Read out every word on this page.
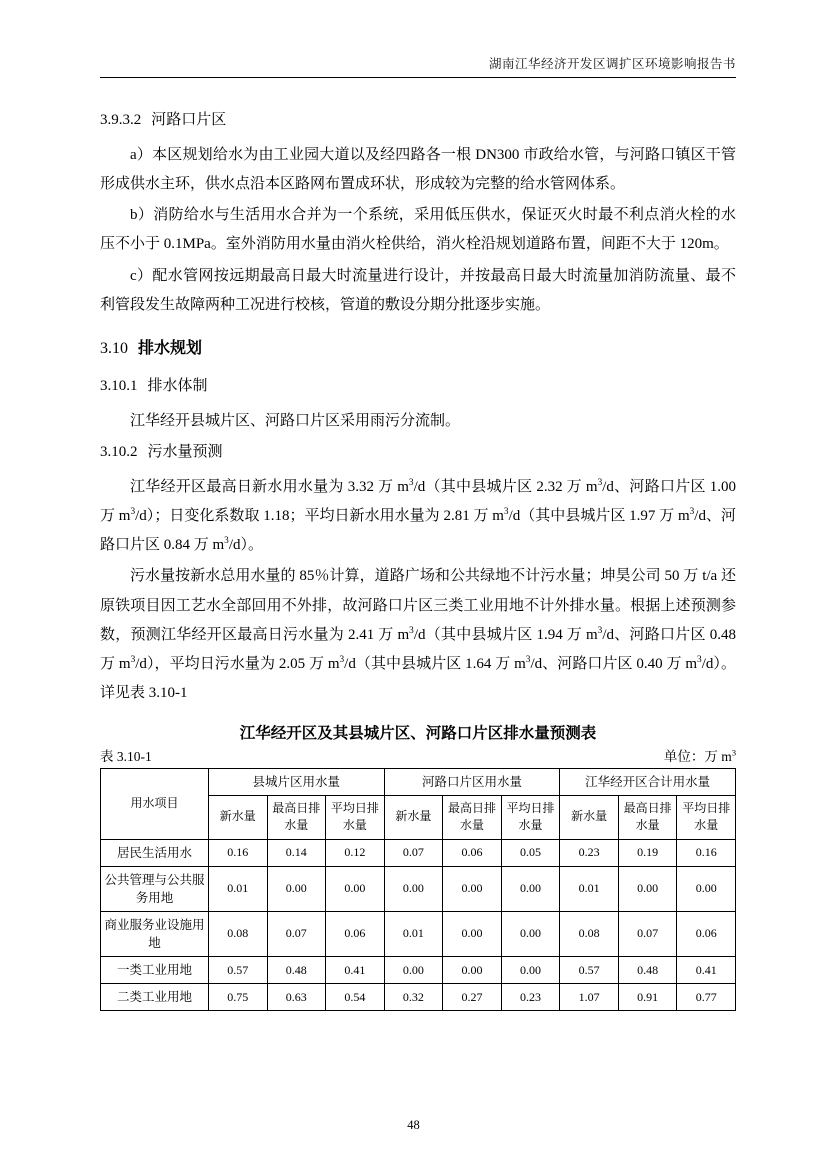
湖南江华经济开发区调扩区环境影响报告书
3.9.3.2 河路口片区

a）本区规划给水为由工业园大道以及经四路各一根 DN300 市政给水管，与河路口镇区干管形成供水主环，供水点沿本区路网布置成环状，形成较为完整的给水管网体系。

b）消防给水与生活用水合并为一个系统，采用低压供水，保证灭火时最不利点消火栓的水压不小于 0.1MPa。室外消防用水量由消火栓供给，消火栓沿规划道路布置，间距不大于 120m。

c）配水管网按远期最高日最大时流量进行设计，并按最高日最大时流量加消防流量、最不利管段发生故障两种工况进行校核，管道的敷设分期分批逐步实施。

3.10 排水规划
3.10.1 排水体制

江华经开县城片区、河路口片区采用雨污分流制。

3.10.2 污水量预测

江华经开区最高日新水用水量为 3.32 万 $m^3/d$（其中县城片区 2.32 万 $m^3/d$、河路口片区 1.00 万 $m^3/d$）；日变化系数取 1.18；平均日新水用水量为 2.81 万 $m^3/d$（其中县城片区 1.97 万 $m^3/d$、河路口片区 0.84 万 $m^3/d$）。

污水量按新水总用水量的 85％计算，道路广场和公共绿地不计污水量；坤昊公司 50 万 t/a 还原铁项目因工艺水全部回用不外排，故河路口片区三类工业用地不计外排水量。根据上述预测参数，预测江华经开区最高日污水量为 2.41 万 $m^3/d$（其中县城片区 1.94 万 $m^3/d$、河路口片区 0.48 万 $m^3/d$），平均日污水量为 2.05 万 $m^3/d$（其中县城片区 1.64 万 $m^3/d$、河路口片区 0.40 万 $m^3/d$）。详见表 3.10-1

江华经开区及其县城片区、河路口片区排水量预测表
表 3.10-1	单位：万 $m^3$
用水项目	县城片区用水量			河路口片区用水量			江华经开区合计用水量		
	新水量	最高日排水量	平均日排水量	新水量	最高日排水量	平均日排水量	新水量	最高日排水量	平均日排水量
居民生活用水	0.16	0.14	0.12	0.07	0.06	0.05	0.23	0.19	0.16
公共管理与公共服务用地	0.01	0.00	0.00	0.00	0.00	0.00	0.01	0.00	0.00
商业服务业设施用地	0.08	0.07	0.06	0.01	0.00	0.00	0.08	0.07	0.06
一类工业用地	0.57	0.48	0.41	0.00	0.00	0.00	0.57	0.48	0.41
二类工业用地	0.75	0.63	0.54	0.32	0.27	0.23	1.07	0.91	0.77
48
